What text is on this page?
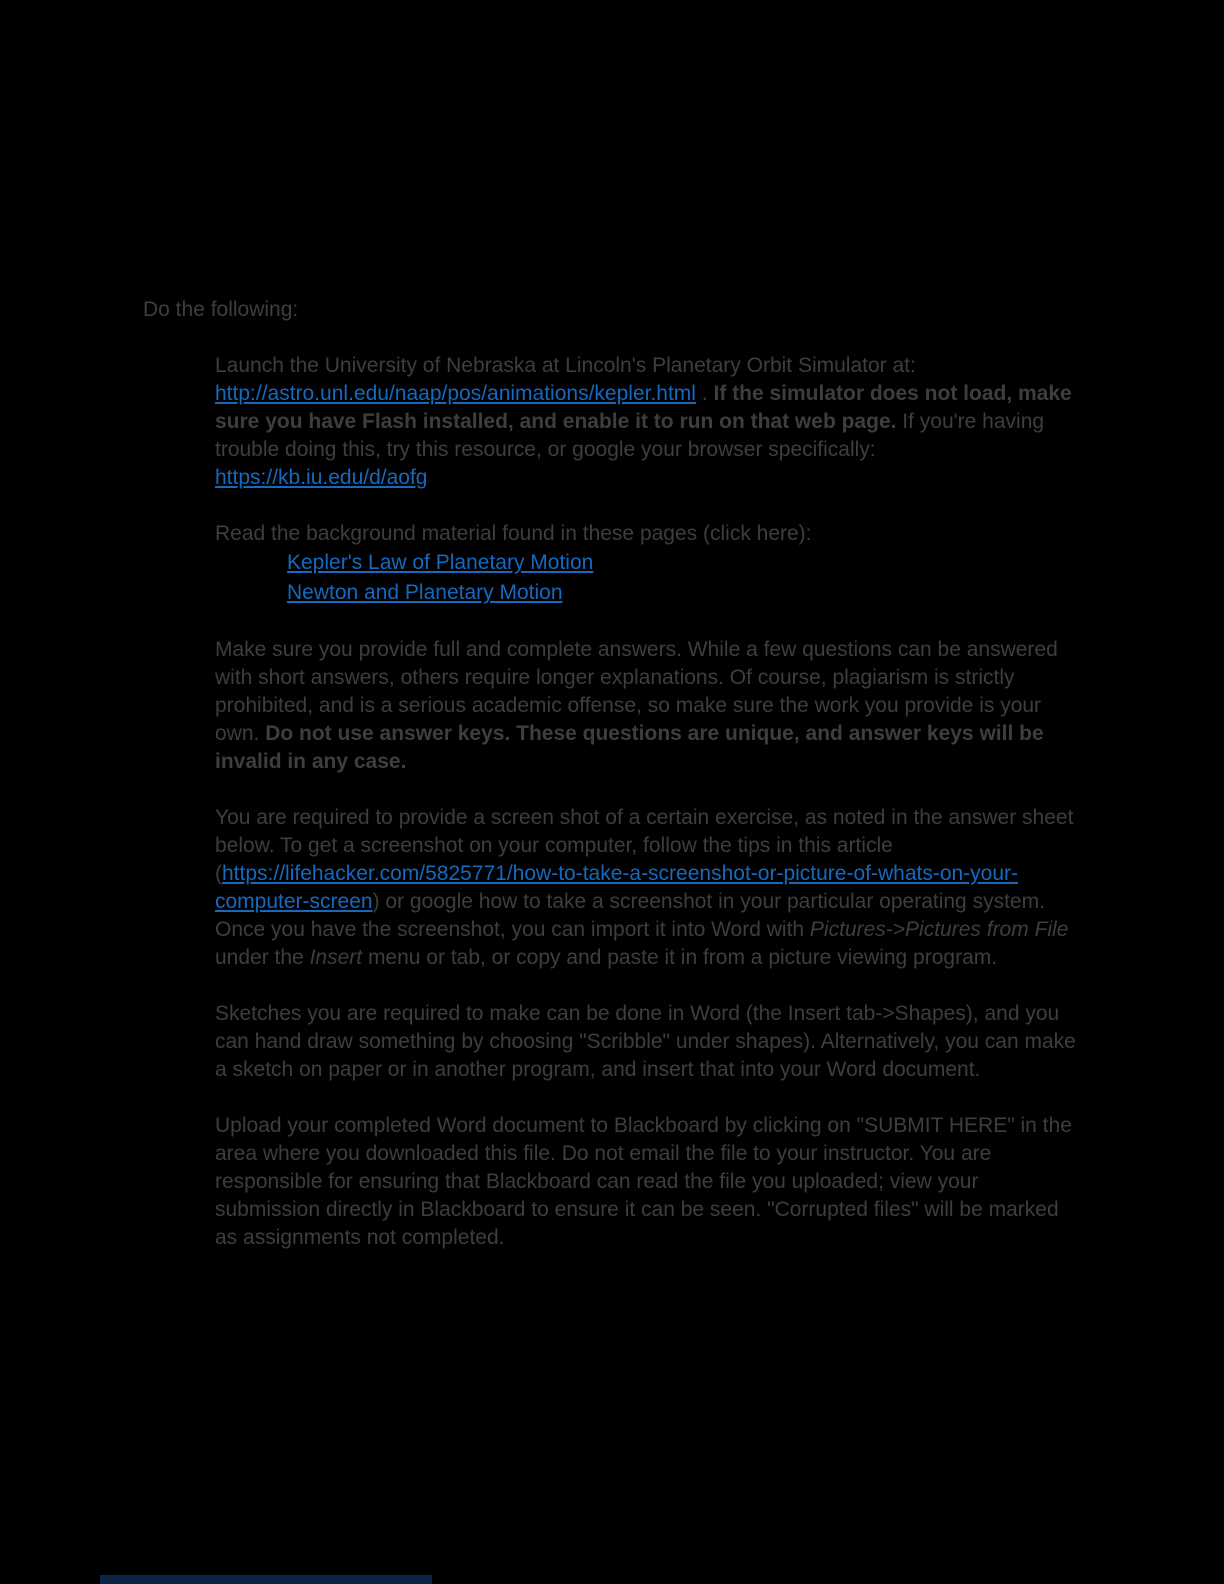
Do the following:

Launch the University of Nebraska at Lincoln's Planetary Orbit Simulator at: http://astro.unl.edu/naap/pos/animations/kepler.html . If the simulator does not load, make sure you have Flash installed, and enable it to run on that web page. If you're having trouble doing this, try this resource, or google your browser specifically: https://kb.iu.edu/d/aofg

Read the background material found in these pages (click here):

Kepler's Law of Planetary Motion
Newton and Planetary Motion

Make sure you provide full and complete answers. While a few questions can be answered with short answers, others require longer explanations. Of course, plagiarism is strictly prohibited, and is a serious academic offense, so make sure the work you provide is your own. Do not use answer keys. These questions are unique, and answer keys will be invalid in any case.

You are required to provide a screen shot of a certain exercise, as noted in the answer sheet below. To get a screenshot on your computer, follow the tips in this article (https://lifehacker.com/5825771/how-to-take-a-screenshot-or-picture-of-whats-on-your-computer-screen) or google how to take a screenshot in your particular operating system. Once you have the screenshot, you can import it into Word with Pictures->Pictures from File under the Insert menu or tab, or copy and paste it in from a picture viewing program.

Sketches you are required to make can be done in Word (the Insert tab->Shapes), and you can hand draw something by choosing "Scribble" under shapes). Alternatively, you can make a sketch on paper or in another program, and insert that into your Word document.

Upload your completed Word document to Blackboard by clicking on "SUBMIT HERE" in the area where you downloaded this file. Do not email the file to your instructor. You are responsible for ensuring that Blackboard can read the file you uploaded; view your submission directly in Blackboard to ensure it can be seen. "Corrupted files" will be marked as assignments not completed.
